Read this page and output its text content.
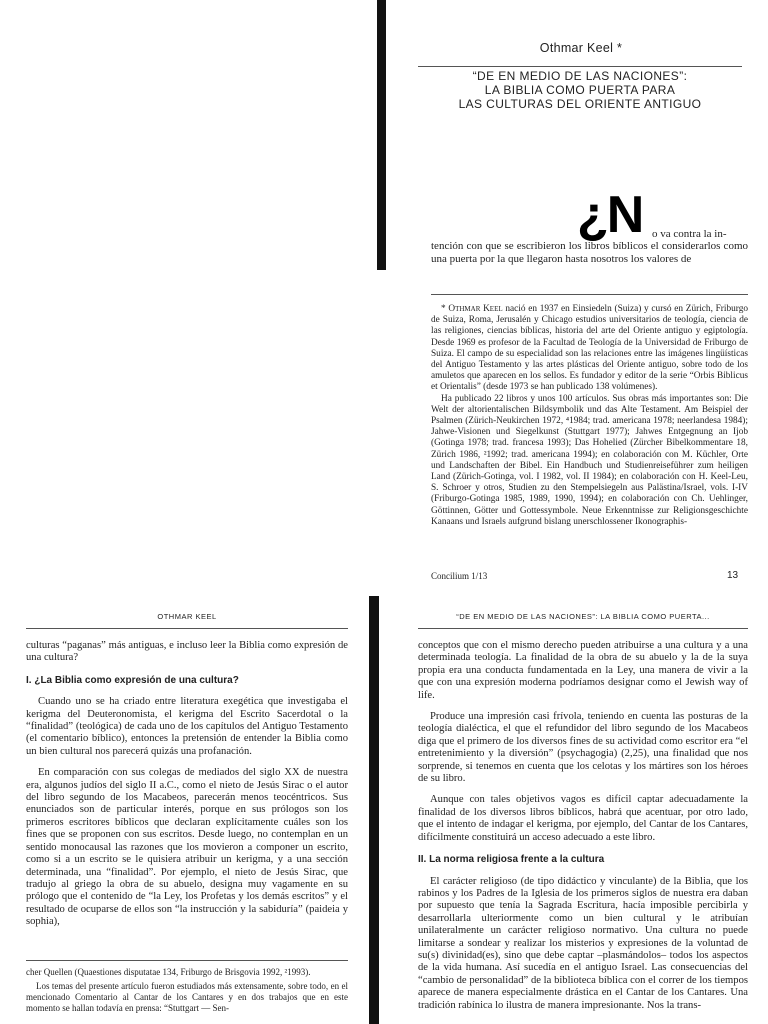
Othmar Keel *
“DE EN MEDIO DE LAS NACIONES”:
LA BIBLIA COMO PUERTA PARA
LAS CULTURAS DEL ORIENTE ANTIGUO
¿N o va contra la in-
tención con que se escribieron los libros bíblicos el considerarlos como una puerta por la que llegaron hasta nosotros los valores de

* Othmar Keel nació en 1937 en Einsiedeln (Suiza) y cursó en Zürich, Friburgo de Suiza, Roma, Jerusalén y Chicago estudios universitarios de teología, ciencia de las religiones, ciencias bíblicas, historia del arte del Oriente antiguo y egiptología. Desde 1969 es profesor de la Facultad de Teología de la Universidad de Friburgo de Suiza. El campo de su especialidad son las relaciones entre las imágenes lingüísticas del Antiguo Testamento y las artes plásticas del Oriente antiguo, sobre todo de los amuletos que aparecen en los sellos. Es fundador y editor de la serie “Orbis Biblicus et Orientalis” (desde 1973 se han publicado 138 volúmenes).

Ha publicado 22 libros y unos 100 artículos. Sus obras más importantes son: Die Welt der altorientalischen Bildsymbolik und das Alte Testament. Am Beispiel der Psalmen (Zürich-Neukirchen 1972, ⁴1984; trad. americana 1978; neerlandesa 1984); Jahwe-Visionen und Siegelkunst (Stuttgart 1977); Jahwes Entgegnung an Ijob (Gotinga 1978; trad. francesa 1993); Das Hohelied (Zürcher Bibelkommentare 18, Zürich 1986, ²1992; trad. americana 1994); en colaboración con M. Küchler, Orte und Landschaften der Bibel. Ein Handbuch und Studienreiseführer zum heiligen Land (Zürich-Gotinga, vol. I 1982, vol. II 1984); en colaboración con H. Keel-Leu, S. Schroer y otros, Studien zu den Stempelsiegeln aus Palästina/Israel, vols. I-IV (Friburgo-Gotinga 1985, 1989, 1990, 1994); en colaboración con Ch. Uehlinger, Göttinnen, Götter und Gottessymbole. Neue Erkenntnisse zur Religionsgeschichte Kanaans und Israels aufgrund bislang unerschlossener Ikonographis-

Concilium 1/13	13
OTHMAR KEEL

culturas “paganas” más antiguas, e incluso leer la Biblia como expresión de una cultura?

I. ¿La Biblia como expresión de una cultura?

Cuando uno se ha criado entre literatura exegética que investigaba el kerigma del Deuteronomista, el kerigma del Escrito Sacerdotal o la “finalidad” (teológica) de cada uno de los capítulos del Antiguo Testamento (el comentario bíblico), entonces la pretensión de entender la Biblia como un bien cultural nos parecerá quizás una profanación.

En comparación con sus colegas de mediados del siglo XX de nuestra era, algunos judíos del siglo II a.C., como el nieto de Jesús Sirac o el autor del libro segundo de los Macabeos, parecerán menos teocéntricos. Sus enunciados son de particular interés, porque en sus prólogos son los primeros escritores bíblicos que declaran explícitamente cuáles son los fines que se proponen con sus escritos. Desde luego, no contemplan en un sentido monocausal las razones que los movieron a componer un escrito, como si a un escrito se le quisiera atribuir un kerigma, y a una sección determinada, una “finalidad”. Por ejemplo, el nieto de Jesús Sirac, que tradujo al griego la obra de su abuelo, designa muy vagamente en su prólogo que el contenido de “la Ley, los Profetas y los demás escritos” y el resultado de ocuparse de ellos son “la instrucción y la sabiduría” (paideia y sophia),

cher Quellen (Quaestiones disputatae 134, Friburgo de Brisgovia 1992, ²1993).

Los temas del presente artículo fueron estudiados más extensamente, sobre todo, en el mencionado Comentario al Cantar de los Cantares y en dos trabajos que en este momento se hallan todavía en prensa: “Stuttgart — Sen-

“DE EN MEDIO DE LAS NACIONES”: LA BIBLIA COMO PUERTA...

conceptos que con el mismo derecho pueden atribuirse a una cultura y a una determinada teología. La finalidad de la obra de su abuelo y la de la suya propia era una conducta fundamentada en la Ley, una manera de vivir a la que con una expresión moderna podríamos designar como el Jewish way of life.

Produce una impresión casi frívola, teniendo en cuenta las posturas de la teología dialéctica, el que el refundidor del libro segundo de los Macabeos diga que el primero de los diversos fines de su actividad como escritor era “el entretenimiento y la diversión” (psychagogia) (2,25), una finalidad que nos sorprende, si tenemos en cuenta que los celotas y los mártires son los héroes de su libro.

Aunque con tales objetivos vagos es difícil captar adecuadamente la finalidad de los diversos libros bíblicos, habrá que acentuar, por otro lado, que el intento de indagar el kerigma, por ejemplo, del Cantar de los Cantares, difícilmente constituirá un acceso adecuado a este libro.

II. La norma religiosa frente a la cultura

El carácter religioso (de tipo didáctico y vinculante) de la Biblia, que los rabinos y los Padres de la Iglesia de los primeros siglos de nuestra era daban por supuesto que tenía la Sagrada Escritura, hacía imposible percibirla y desarrollarla ulteriormente como un bien cultural y le atribuían unilateralmente un carácter religioso normativo. Una cultura no puede limitarse a sondear y realizar los misterios y expresiones de la voluntad de su(s) divinidad(es), sino que debe captar –plasmándolos– todos los aspectos de la vida humana. Así sucedía en el antiguo Israel. Las consecuencias del “cambio de personalidad” de la biblioteca bíblica con el correr de los tiempos aparece de manera especialmente drástica en el Cantar de los Cantares. Una tradición rabínica lo ilustra de manera impresionante. Nos la trans-
